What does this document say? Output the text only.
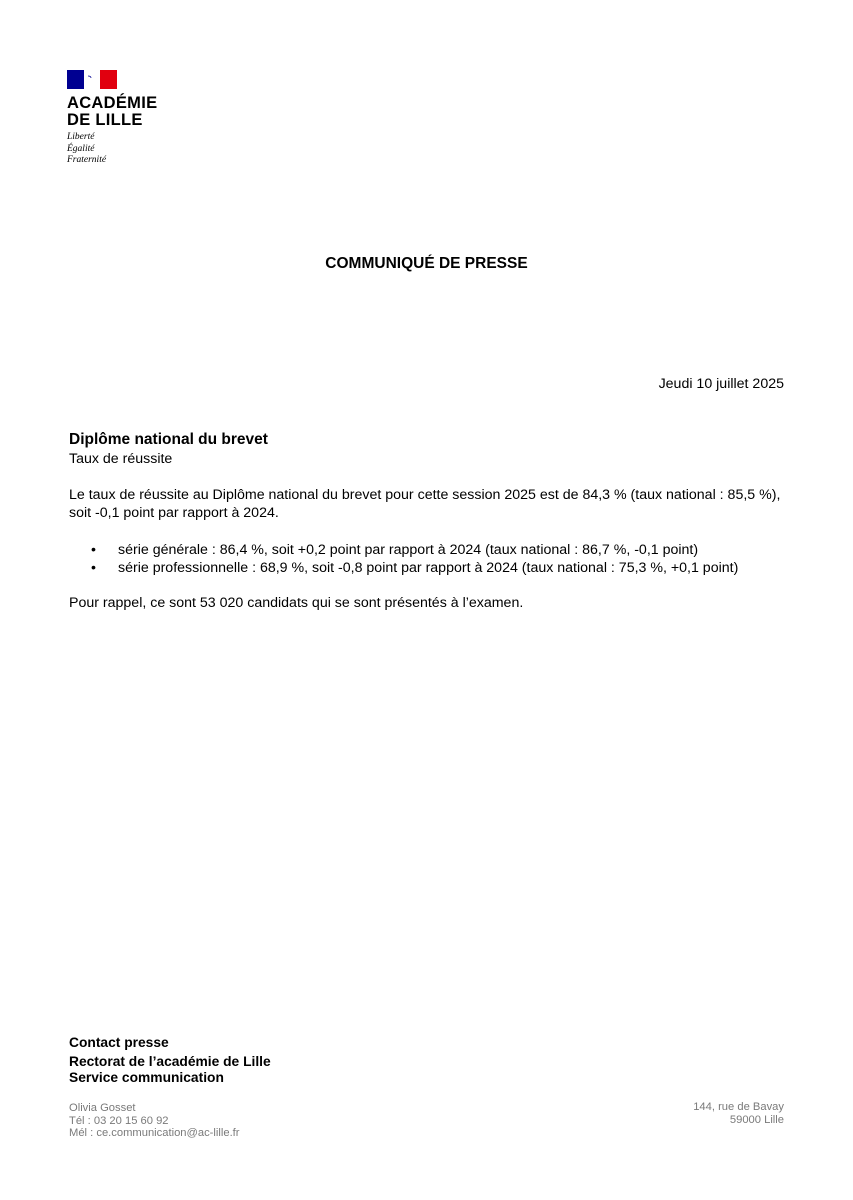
ACADÉMIE
DE LILLE
Liberté
Égalité
Fraternité
COMMUNIQUÉ DE PRESSE
Jeudi 10 juillet 2025
Diplôme national du brevet
Taux de réussite
Le taux de réussite au Diplôme national du brevet pour cette session 2025 est de 84,3 % (taux national : 85,5 %), soit -0,1 point par rapport à 2024.
• série générale : 86,4 %, soit +0,2 point par rapport à 2024 (taux national : 86,7 %, -0,1 point)
• série professionnelle : 68,9 %, soit -0,8 point par rapport à 2024 (taux national : 75,3 %, +0,1 point)
Pour rappel, ce sont 53 020 candidats qui se sont présentés à l’examen.
Contact presse
Rectorat de l’académie de Lille
Service communication
Olivia Gosset
Tél : 03 20 15 60 92
Mél : ce.communication@ac-lille.fr
144, rue de Bavay
59000 Lille
